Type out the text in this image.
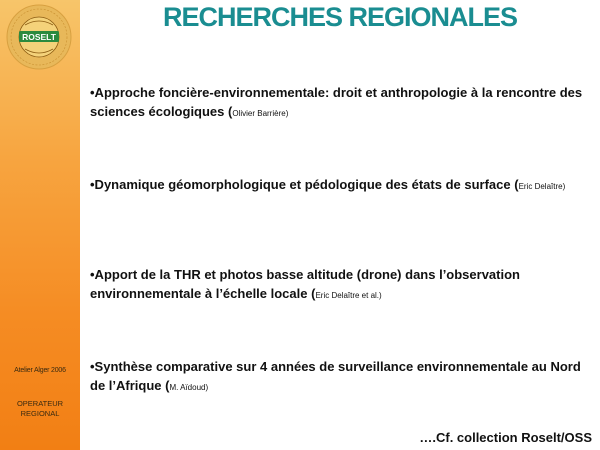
ROSELT
Atelier Alger 2006
OPERATEUR
REGIONAL
RECHERCHES REGIONALES
•Approche foncière-environnementale: droit et anthropologie à la rencontre des sciences écologiques (Olivier Barrière)
•Dynamique géomorphologique et pédologique des états de surface (Eric Delaître)
•Apport de la THR et photos basse altitude (drone) dans l’observation environnementale à l’échelle locale (Eric Delaître et al.)
•Synthèse comparative sur 4 années de surveillance environnementale au Nord de l’Afrique (M. Aïdoud)
….Cf. collection Roselt/OSS
